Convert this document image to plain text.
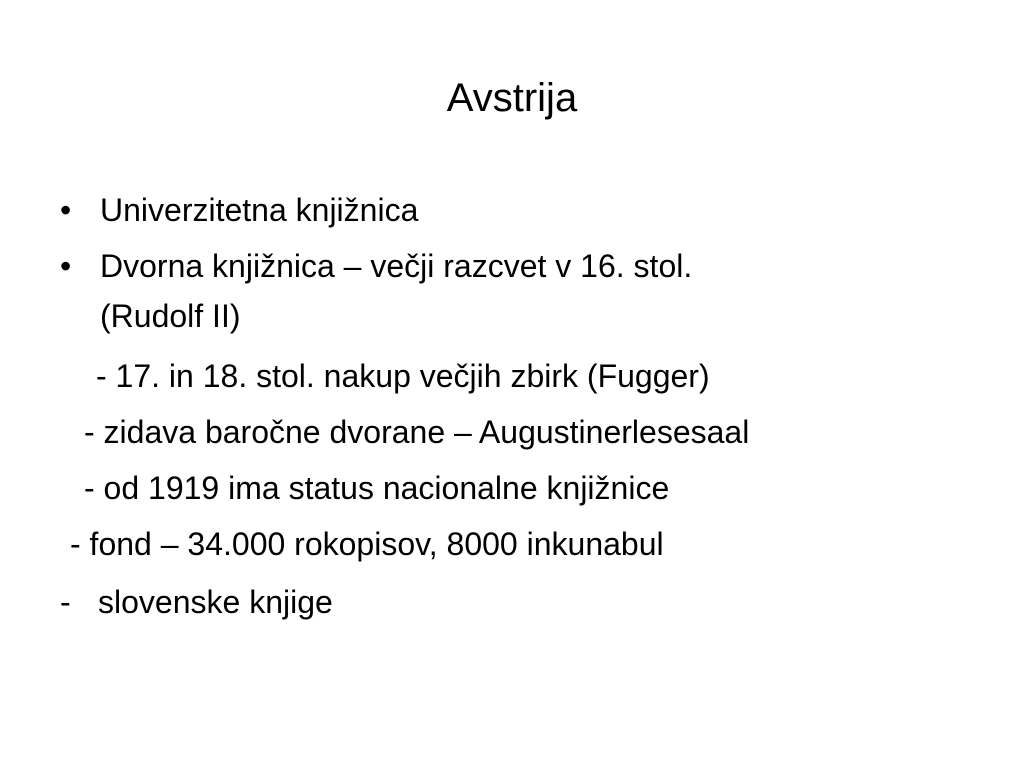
Avstrija
• Univerzitetna knjižnica
• Dvorna knjižnica – večji razcvet v 16. stol.
(Rudolf II)
- 17. in 18. stol. nakup večjih zbirk (Fugger)
- zidava baročne dvorane – Augustinerlesesaal
- od 1919 ima status nacionalne knjižnice
- fond – 34.000 rokopisov, 8000 inkunabul
- slovenske knjige
